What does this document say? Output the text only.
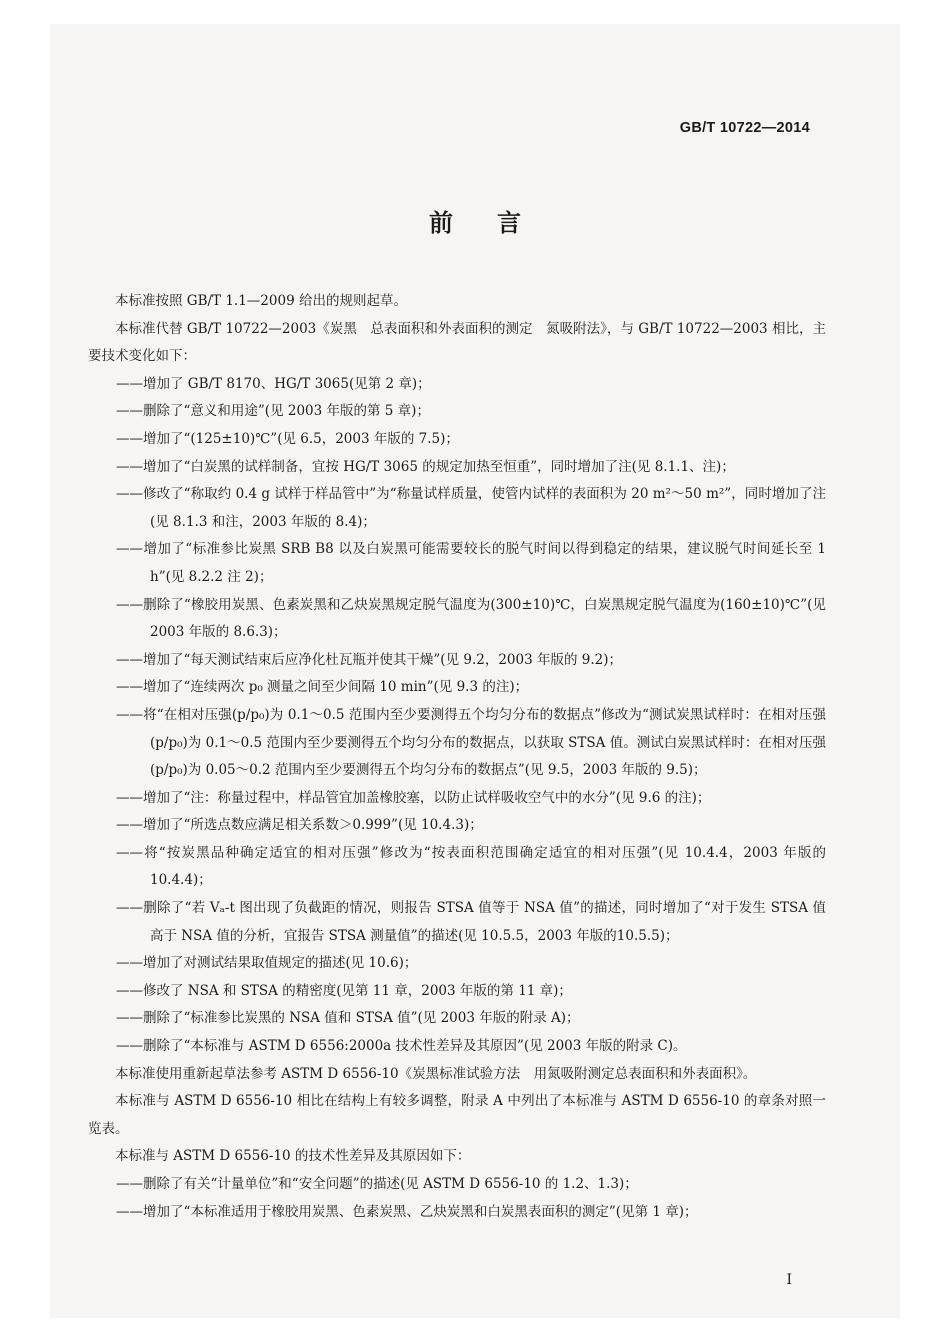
GB/T 10722—2014
前言

本标准按照 GB/T 1.1—2009 给出的规则起草。

本标准代替 GB/T 10722—2003《炭黑　总表面积和外表面积的测定　氮吸附法》，与 GB/T 10722—2003 相比，主要技术变化如下：

——增加了 GB/T 8170、HG/T 3065(见第 2 章)；

——删除了“意义和用途”(见 2003 年版的第 5 章)；

——增加了“(125±10)℃”(见 6.5，2003 年版的 7.5)；

——增加了“白炭黑的试样制备，宜按 HG/T 3065 的规定加热至恒重”，同时增加了注(见 8.1.1、注)；

——修改了“称取约 0.4 g 试样于样品管中”为“称量试样质量，使管内试样的表面积为 20 m²～50 m²”，同时增加了注(见 8.1.3 和注，2003 年版的 8.4)；

——增加了“标准参比炭黑 SRB B8 以及白炭黑可能需要较长的脱气时间以得到稳定的结果，建议脱气时间延长至 1 h”(见 8.2.2 注 2)；

——删除了“橡胶用炭黑、色素炭黑和乙炔炭黑规定脱气温度为(300±10)℃，白炭黑规定脱气温度为(160±10)℃”(见 2003 年版的 8.6.3)；

——增加了“每天测试结束后应净化杜瓦瓶并使其干燥”(见 9.2，2003 年版的 9.2)；

——增加了“连续两次 p₀ 测量之间至少间隔 10 min”(见 9.3 的注)；

——将“在相对压强(p/p₀)为 0.1～0.5 范围内至少要测得五个均匀分布的数据点”修改为“测试炭黑试样时：在相对压强(p/p₀)为 0.1～0.5 范围内至少要测得五个均匀分布的数据点，以获取 STSA 值。测试白炭黑试样时：在相对压强(p/p₀)为 0.05～0.2 范围内至少要测得五个均匀分布的数据点”(见 9.5，2003 年版的 9.5)；

——增加了“注：称量过程中，样品管宜加盖橡胶塞，以防止试样吸收空气中的水分”(见 9.6 的注)；

——增加了“所选点数应满足相关系数＞0.999”(见 10.4.3)；

——将“按炭黑品种确定适宜的相对压强”修改为“按表面积范围确定适宜的相对压强”(见 10.4.4，2003 年版的 10.4.4)；

——删除了“若 Vₐ-t 图出现了负截距的情况，则报告 STSA 值等于 NSA 值”的描述，同时增加了“对于发生 STSA 值高于 NSA 值的分析，宜报告 STSA 测量值”的描述(见 10.5.5，2003 年版的10.5.5)；

——增加了对测试结果取值规定的描述(见 10.6)；

——修改了 NSA 和 STSA 的精密度(见第 11 章，2003 年版的第 11 章)；

——删除了“标准参比炭黑的 NSA 值和 STSA 值”(见 2003 年版的附录 A)；

——删除了“本标准与 ASTM D 6556:2000a 技术性差异及其原因”(见 2003 年版的附录 C)。

本标准使用重新起草法参考 ASTM D 6556-10《炭黑标准试验方法　用氮吸附测定总表面积和外表面积》。

本标准与 ASTM D 6556-10 相比在结构上有较多调整，附录 A 中列出了本标准与 ASTM D 6556-10 的章条对照一览表。

本标准与 ASTM D 6556-10 的技术性差异及其原因如下：

——删除了有关“计量单位”和“安全问题”的描述(见 ASTM D 6556-10 的 1.2、1.3)；

——增加了“本标准适用于橡胶用炭黑、色素炭黑、乙炔炭黑和白炭黑表面积的测定”(见第 1 章)；

I
